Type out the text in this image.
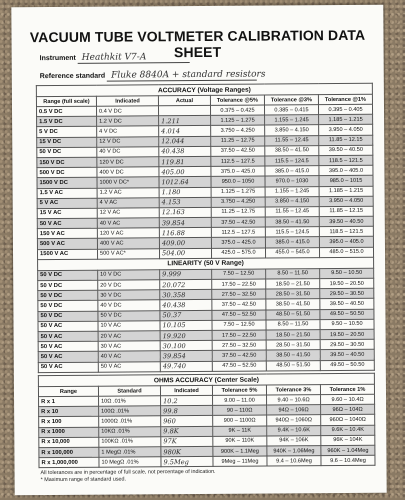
VACUUM TUBE VOLTMETER CALIBRATION DATA SHEET
Instrument Heathkit V7-A
Reference standard Fluke 8840A + standard resistors
ACCURACY (Voltage Ranges)					
Range (full scale)	Indicated	Actual	Tolerance @5%	Tolerance @3%	Tolerance @1%
0.5 V DC	0.4 V DC		0.375 – 0.425	0.385 – 0.415	0.395 – 0.405
1.5 V DC	1.2 V DC	1.211	1.125 – 1.275	1.155 – 1.245	1.185 – 1.215
5 V DC	4 V DC	4.014	3.750 – 4.250	3.850 – 4.150	3.950 – 4.050
15 V DC	12 V DC	12.044	11.25 – 12.75	11.55 – 12.45	11.85 – 12.15
50 V DC	40 V DC	40.438	37.50 – 42.50	38.50 – 41.50	39.50 – 40.50
150 V DC	120 V DC	119.81	112.5 – 127.5	115.5 – 124.5	118.5 – 121.5
500 V DC	400 V DC	405.00	375.0 – 425.0	385.0 – 415.0	395.0 – 405.0
1500 V DC	1000 V DC*	1012.64	950.0 – 1050	970.0 – 1030	985.0 – 1015
1.5 V AC	1.2 V AC	1.180	1.125 – 1.275	1.155 – 1.245	1.185 – 1.215
5 V AC	4 V AC	4.153	3.750 – 4.250	3.850 – 4.150	3.950 – 4.050
15 V AC	12 V AC	12.163	11.25 – 12.75	11.55 – 12.45	11.85 – 12.15
50 V AC	40 V AC	39.854	37.50 – 42.50	38.50 – 41.50	39.50 – 40.50
150 V AC	120 V AC	116.88	112.5 – 127.5	115.5 – 124.5	118.5 – 121.5
500 V AC	400 V AC	409.00	375.0 – 425.0	385.0 – 415.0	395.0 – 405.0
1500 V AC	500 V AC*	504.00	425.0 – 575.0	455.0 – 545.0	485.0 – 515.0
LINEARITY (50 V Range)					
50 V DC	10 V DC	9.999	7.50 – 12.50	8.50 – 11.50	9.50 – 10.50
50 V DC	20 V DC	20.072	17.50 – 22.50	18.50 – 21.50	19.50 – 20.50
50 V DC	30 V DC	30.358	27.50 – 32.50	28.50 – 31.50	29.50 – 30.50
50 V DC	40 V DC	40.438	37.50 – 42.50	38.50 – 41.50	39.50 – 40.50
50 V DC	50 V DC	50.37	47.50 – 52.50	48.50 – 51.50	49.50 – 50.50
50 V AC	10 V AC	10.105	7.50 – 12.50	8.50 – 11.50	9.50 – 10.50
50 V AC	20 V AC	19.920	17.50 – 22.50	18.50 – 21.50	19.50 – 20.50
50 V AC	30 V AC	30.100	27.50 – 32.50	28.50 – 31.50	29.50 – 30.50
50 V AC	40 V AC	39.854	37.50 – 42.50	38.50 – 41.50	39.50 – 40.50
50 V AC	50 V AC	49.740	47.50 – 52.50	48.50 – 51.50	49.50 – 50.50
OHMS ACCURACY (Center Scale)					
Range	Standard	Indicated	Tolerance 5%	Tolerance 3%	Tolerance 1%
R x 1	10Ω .01%	10.2	9.00 – 11.00	9.40 – 10.6Ω	9.60 – 10.4Ω
R x 10	100Ω .01%	99.8	90 – 110Ω	94Ω – 106Ω	96Ω – 104Ω
R x 100	1000Ω .01%	960	900 – 1100Ω	940Ω – 1060Ω	960Ω – 1040Ω
R x 1000	10KΩ .01%	9.8K	9K – 11K	9.4K – 10.6K	9.6K – 10.4K
R x 10,000	100KΩ .01%	97K	90K – 110K	94K – 106K	96K – 104K
R x 100,000	1 MegΩ .01%	980K	900K – 1.1Meg	940K – 1.06Meg	960K – 1.04Meg
R x 1,000,000	10 MegΩ .01%	9.5Meg	9Meg – 11Meg	9.4 – 10.6Meg	9.6 – 10.4Meg
All tolerances are in percentage of full scale, not percentage of indication.
* Maximum range of standard used.
